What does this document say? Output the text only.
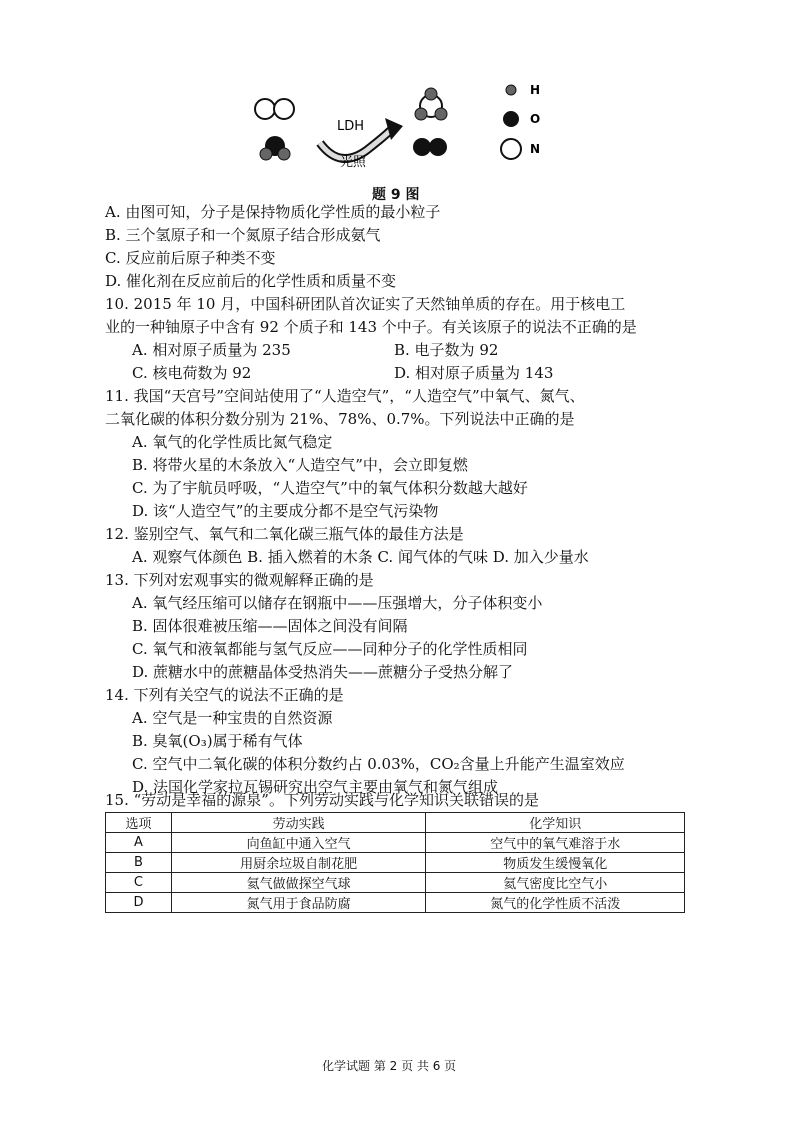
LDH
光照
H
O
N
题 9 图
A. 由图可知，分子是保持物质化学性质的最小粒子
B. 三个氢原子和一个氮原子结合形成氨气
C. 反应前后原子种类不变
D. 催化剂在反应前后的化学性质和质量不变
10. 2015 年 10 月，中国科研团队首次证实了天然铀单质的存在。用于核电工
业的一种铀原子中含有 92 个质子和 143 个中子。有关该原子的说法不正确的是
A. 相对原子质量为 235	B. 电子数为 92
C. 核电荷数为 92	D. 相对原子质量为 143
11. 我国“天宫号”空间站使用了“人造空气”，“人造空气”中氧气、氮气、
二氧化碳的体积分数分别为 21%、78%、0.7%。下列说法中正确的是
A. 氧气的化学性质比氮气稳定
B. 将带火星的木条放入“人造空气”中，会立即复燃
C. 为了宇航员呼吸，“人造空气”中的氧气体积分数越大越好
D. 该“人造空气”的主要成分都不是空气污染物
12. 鉴别空气、氧气和二氧化碳三瓶气体的最佳方法是
A. 观察气体颜色 B. 插入燃着的木条 C. 闻气体的气味 D. 加入少量水
13. 下列对宏观事实的微观解释正确的是
A. 氧气经压缩可以储存在钢瓶中——压强增大，分子体积变小
B. 固体很难被压缩——固体之间没有间隔
C. 氧气和液氧都能与氢气反应——同种分子的化学性质相同
D. 蔗糖水中的蔗糖晶体受热消失——蔗糖分子受热分解了
14. 下列有关空气的说法不正确的是
A. 空气是一种宝贵的自然资源
B. 臭氧(O₃)属于稀有气体
C. 空气中二氧化碳的体积分数约占 0.03%，CO₂含量上升能产生温室效应
D. 法国化学家拉瓦锡研究出空气主要由氧气和氮气组成
15. “劳动是幸福的源泉”。下列劳动实践与化学知识关联错误的是
选项	劳动实践	化学知识
A	向鱼缸中通入空气	空气中的氧气难溶于水
B	用厨余垃圾自制花肥	物质发生缓慢氧化
C	氦气做做探空气球	氦气密度比空气小
D	氮气用于食品防腐	氮气的化学性质不活泼
化学试题 第 2 页 共 6 页
